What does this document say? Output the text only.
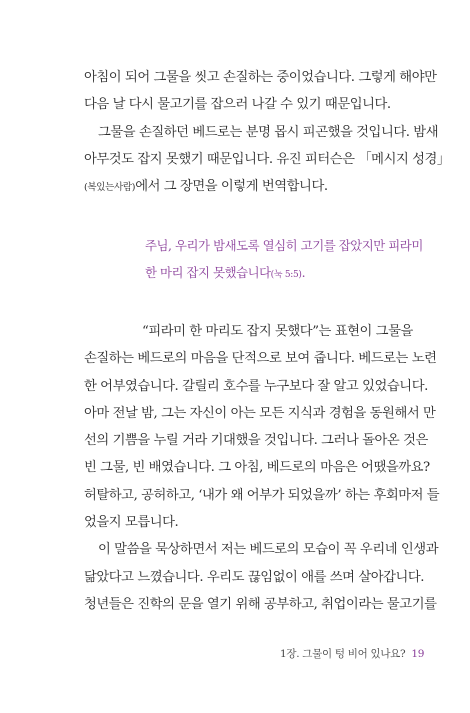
아침이 되어 그물을 씻고 손질하는 중이었습니다. 그렇게 해야만
다음 날 다시 물고기를 잡으러 나갈 수 있기 때문입니다.
그물을 손질하던 베드로는 분명 몹시 피곤했을 것입니다. 밤새
아무것도 잡지 못했기 때문입니다. 유진 피터슨은 「메시지 성경」
(복있는사람)에서 그 장면을 이렇게 번역합니다.
주님, 우리가 밤새도록 열심히 고기를 잡았지만 피라미
한 마리 잡지 못했습니다(눅 5:5).
“피라미 한 마리도 잡지 못했다”는 표현이 그물을
손질하는 베드로의 마음을 단적으로 보여 줍니다. 베드로는 노련
한 어부였습니다. 갈릴리 호수를 누구보다 잘 알고 있었습니다.
아마 전날 밤, 그는 자신이 아는 모든 지식과 경험을 동원해서 만
선의 기쁨을 누릴 거라 기대했을 것입니다. 그러나 돌아온 것은
빈 그물, 빈 배였습니다. 그 아침, 베드로의 마음은 어땠을까요?
허탈하고, 공허하고, ‘내가 왜 어부가 되었을까’ 하는 후회마저 들
었을지 모릅니다.
이 말씀을 묵상하면서 저는 베드로의 모습이 꼭 우리네 인생과
닮았다고 느꼈습니다. 우리도 끊임없이 애를 쓰며 살아갑니다.
청년들은 진학의 문을 열기 위해 공부하고, 취업이라는 물고기를
1장. 그물이 텅 비어 있나요? 19
